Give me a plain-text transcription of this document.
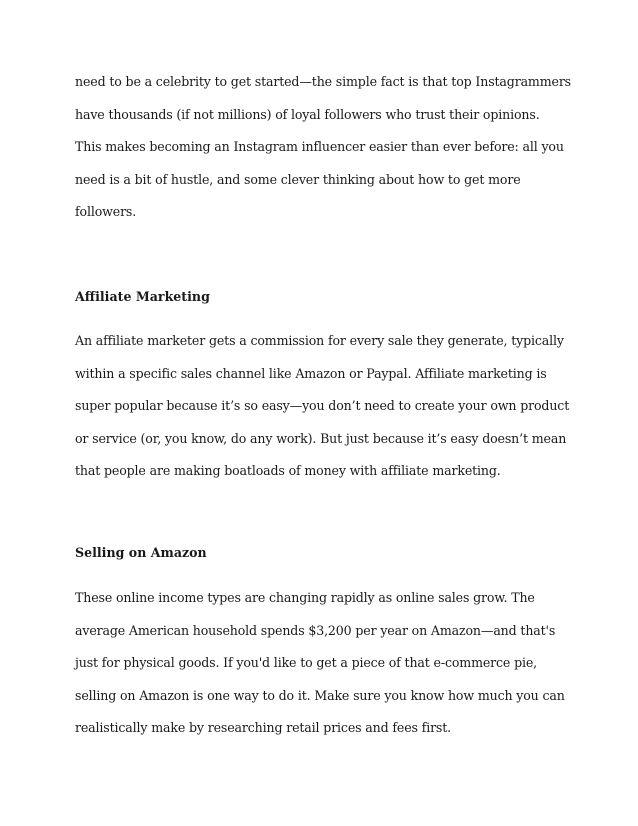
need to be a celebrity to get started—the simple fact is that top Instagrammers
have thousands (if not millions) of loyal followers who trust their opinions.
This makes becoming an Instagram influencer easier than ever before: all you
need is a bit of hustle, and some clever thinking about how to get more
followers.
Affiliate Marketing
An affiliate marketer gets a commission for every sale they generate, typically
within a specific sales channel like Amazon or Paypal. Affiliate marketing is
super popular because it’s so easy—you don’t need to create your own product
or service (or, you know, do any work). But just because it’s easy doesn’t mean
that people are making boatloads of money with affiliate marketing.
Selling on Amazon
These online income types are changing rapidly as online sales grow. The
average American household spends $3,200 per year on Amazon—and that's
just for physical goods. If you'd like to get a piece of that e-commerce pie,
selling on Amazon is one way to do it. Make sure you know how much you can
realistically make by researching retail prices and fees first.
